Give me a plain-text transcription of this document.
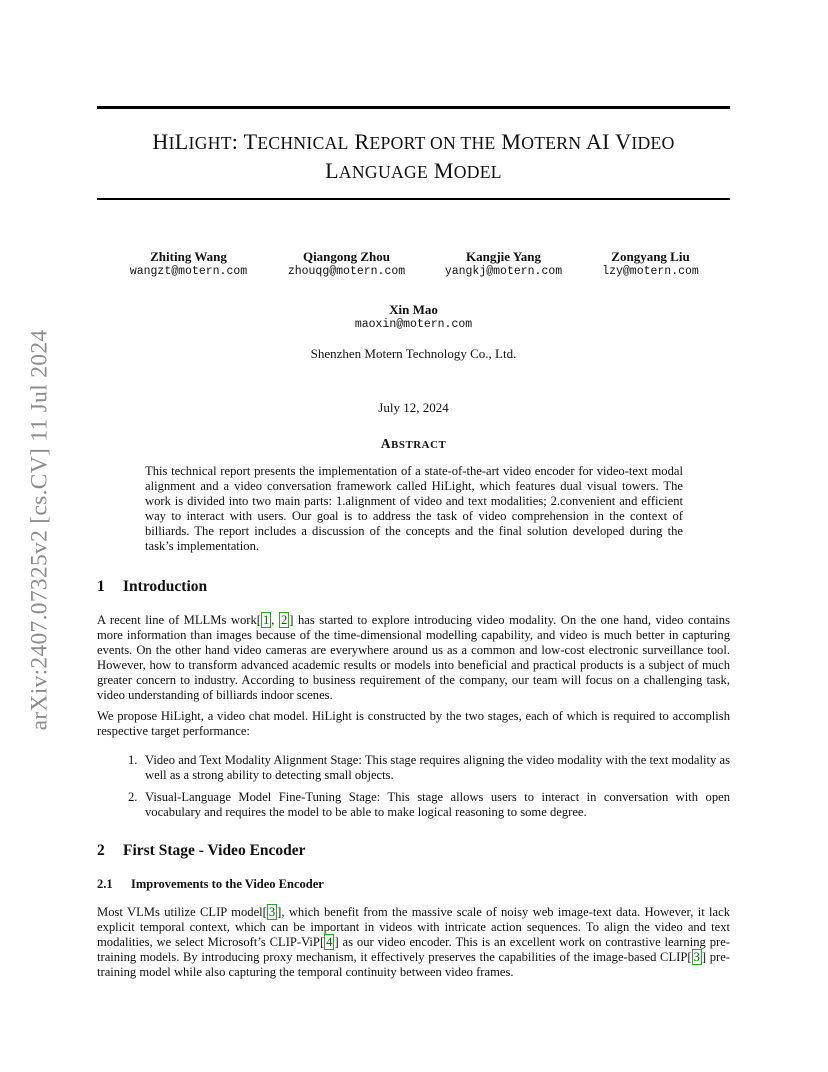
arXiv:2407.07325v2 [cs.CV] 11 Jul 2024
HILIGHT: TECHNICAL REPORT ON THE MOTERN AI VIDEO
LANGUAGE MODEL
Zhiting Wang
wangzt@motern.com
Qiangong Zhou
zhouqg@motern.com
Kangjie Yang
yangkj@motern.com
Zongyang Liu
lzy@motern.com
Xin Mao
maoxin@motern.com
Shenzhen Motern Technology Co., Ltd.
July 12, 2024
ABSTRACT
This technical report presents the implementation of a state-of-the-art video encoder for video-text modal alignment and a video conversation framework called HiLight, which features dual visual towers. The work is divided into two main parts: 1.alignment of video and text modalities; 2.convenient and efficient way to interact with users. Our goal is to address the task of video comprehension in the context of billiards. The report includes a discussion of the concepts and the final solution developed during the task’s implementation.
1 Introduction
A recent line of MLLMs work[ 1 , 2 ] has started to explore introducing video modality. On the one hand, video contains more information than images because of the time-dimensional modelling capability, and video is much better in capturing events. On the other hand video cameras are everywhere around us as a common and low-cost electronic surveillance tool. However, how to transform advanced academic results or models into beneficial and practical products is a subject of much greater concern to industry. According to business requirement of the company, our team will focus on a challenging task, video understanding of billiards indoor scenes.
We propose HiLight, a video chat model. HiLight is constructed by the two stages, each of which is required to accomplish respective target performance:
1. Video and Text Modality Alignment Stage: This stage requires aligning the video modality with the text modality as well as a strong ability to detecting small objects.
2. Visual-Language Model Fine-Tuning Stage: This stage allows users to interact in conversation with open vocabulary and requires the model to be able to make logical reasoning to some degree.
2 First Stage - Video Encoder
2.1 Improvements to the Video Encoder
Most VLMs utilize CLIP model[ 3 ], which benefit from the massive scale of noisy web image-text data. However, it lack explicit temporal context, which can be important in videos with intricate action sequences. To align the video and text modalities, we select Microsoft’s CLIP-ViP[ 4 ] as our video encoder. This is an excellent work on contrastive learning pre-training models. By introducing proxy mechanism, it effectively preserves the capabilities of the image-based CLIP[ 3 ] pre-training model while also capturing the temporal continuity between video frames.
